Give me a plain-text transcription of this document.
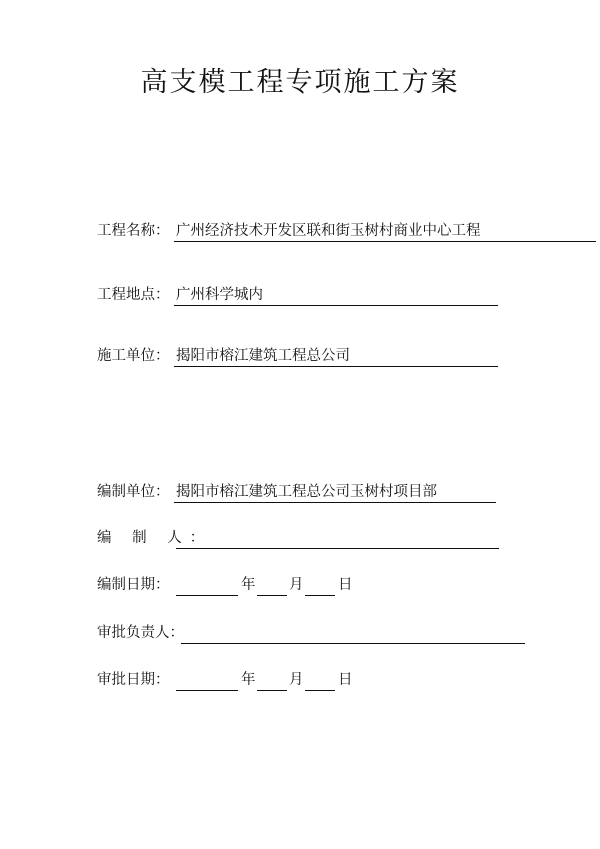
高支模工程专项施工方案
工程名称： 广州经济技术开发区联和街玉树村商业中心工程
工程地点： 广州科学城内
施工单位： 揭阳市榕江建筑工程总公司
编制单位： 揭阳市榕江建筑工程总公司玉树村项目部
编 制 人：
编制日期：	年 月 日
审批负责人：
审批日期：	年 月 日
